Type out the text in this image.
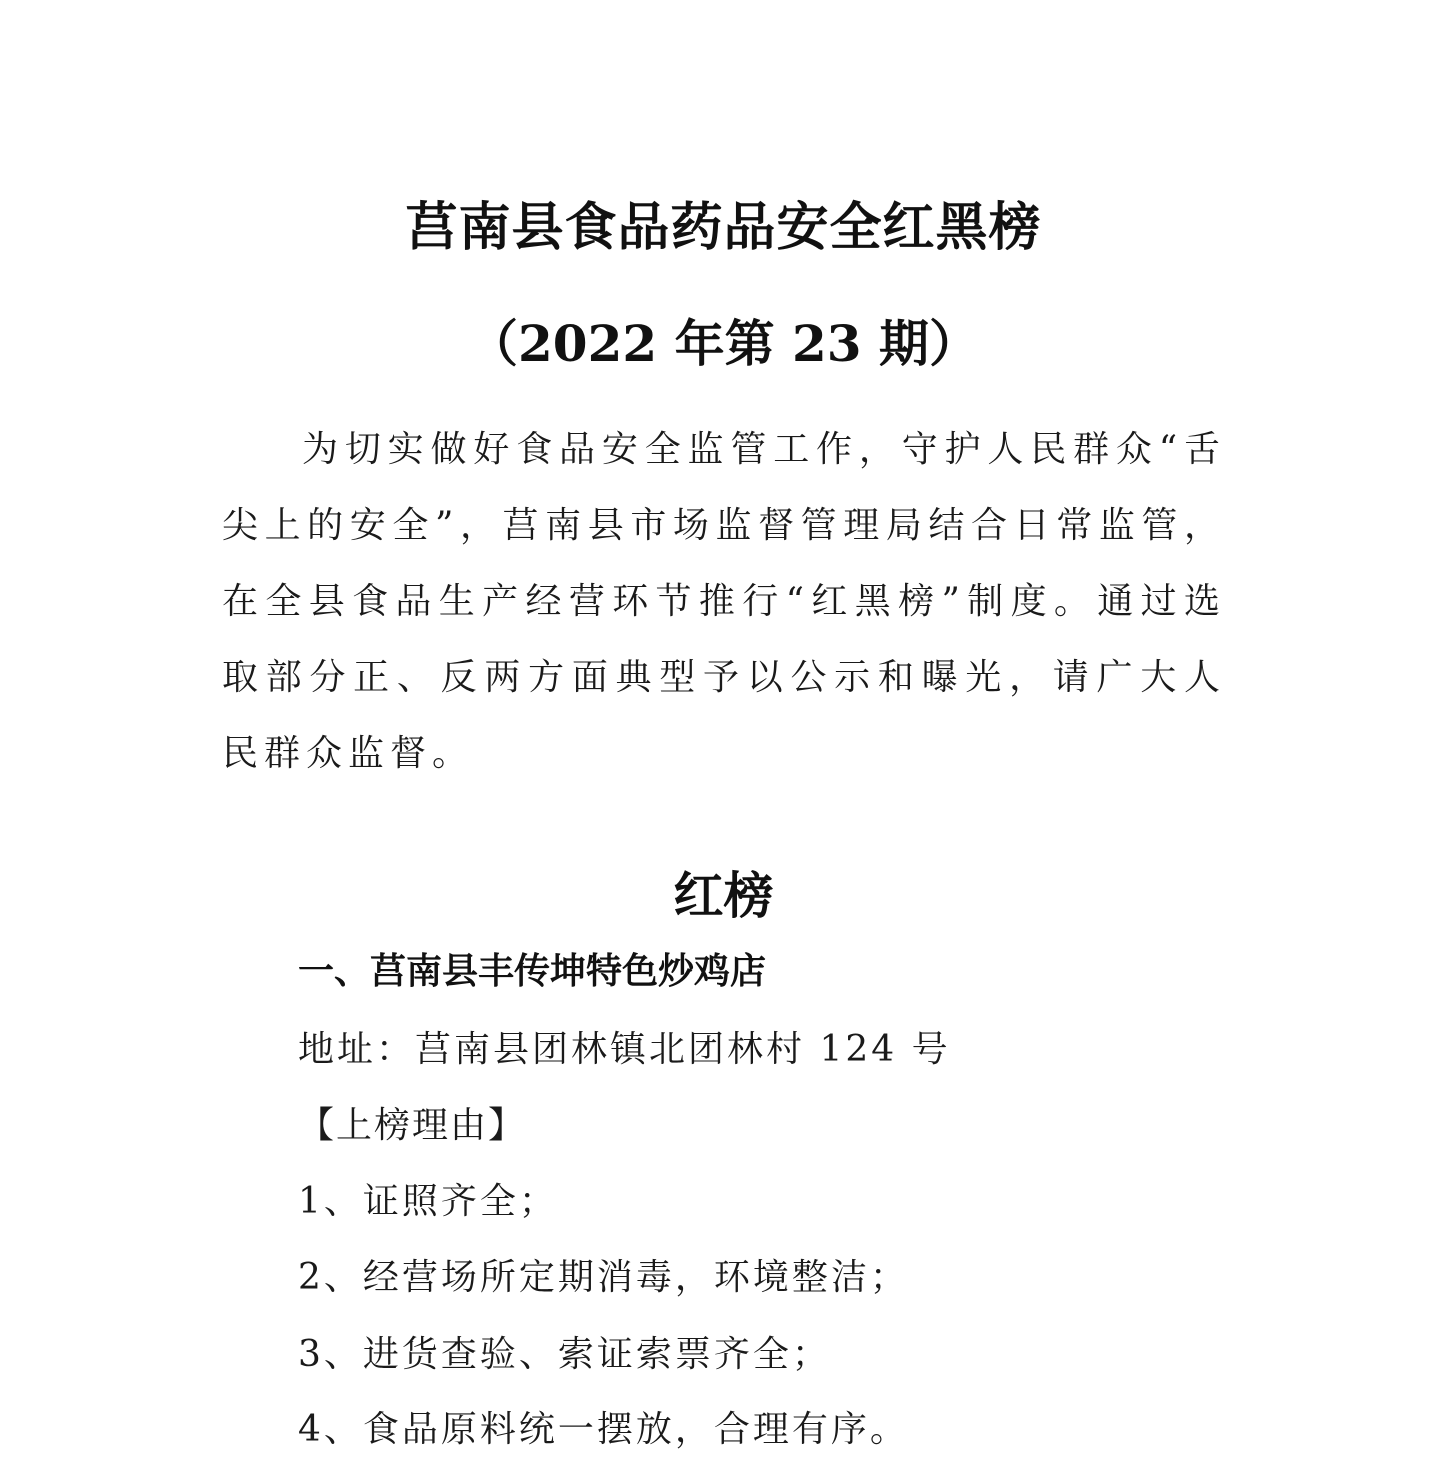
莒南县食品药品安全红黑榜
（2022 年第 23 期）

为切实做好食品安全监管工作，守护人民群众“舌尖上的安全”，莒南县市场监督管理局结合日常监管，在全县食品生产经营环节推行“红黑榜”制度。通过选取部分正、反两方面典型予以公示和曝光，请广大人民群众监督。

红榜
一、莒南县丰传坤特色炒鸡店

地址：莒南县团林镇北团林村 124 号

【上榜理由】

1、证照齐全；

2、经营场所定期消毒，环境整洁；

3、进货查验、索证索票齐全；

4、食品原料统一摆放，合理有序。
